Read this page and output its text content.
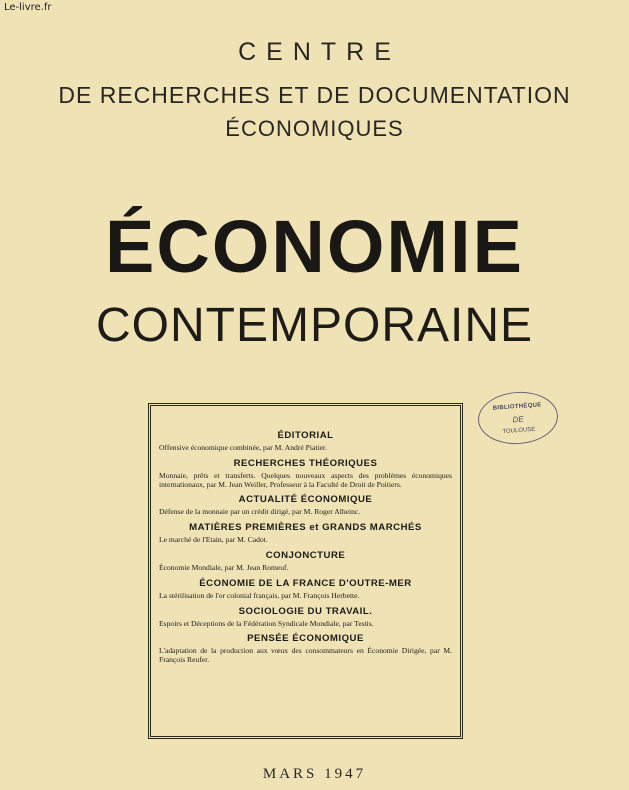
Le-livre.fr
CENTRE
DE RECHERCHES ET DE DOCUMENTATION
ÉCONOMIQUES
ÉCONOMIE
CONTEMPORAINE
BIBLIOTHÈQUE
DE
TOULOUSE
ÉDITORIAL
Offensive économique combinée, par M. André Piatier.
RECHERCHES THÉORIQUES
Monnaie, prêts et transferts. Quelques nouveaux aspects des problèmes économiques internationaux, par M. Jean Weiller, Professeur à la Faculté de Droit de Poitiers.
ACTUALITÉ ÉCONOMIQUE
Défense de la monnaie par un crédit dirigé, par M. Roger Alheinc.
MATIÈRES PREMIÈRES et GRANDS MARCHÉS
Le marché de l'Etain, par M. Cadot.
CONJONCTURE
Économie Mondiale, par M. Jean Romeuf.
ÉCONOMIE DE LA FRANCE D'OUTRE-MER
La stérilisation de l'or colonial français, par M. François Herbette.
SOCIOLOGIE DU TRAVAIL.
Espoirs et Déceptions de la Fédération Syndicale Mondiale, par Testis.
PENSÉE ÉCONOMIQUE
L'adaptation de la production aux vœux des consommateurs en Économie Dirigée, par M. François Reufer.
MARS 1947
